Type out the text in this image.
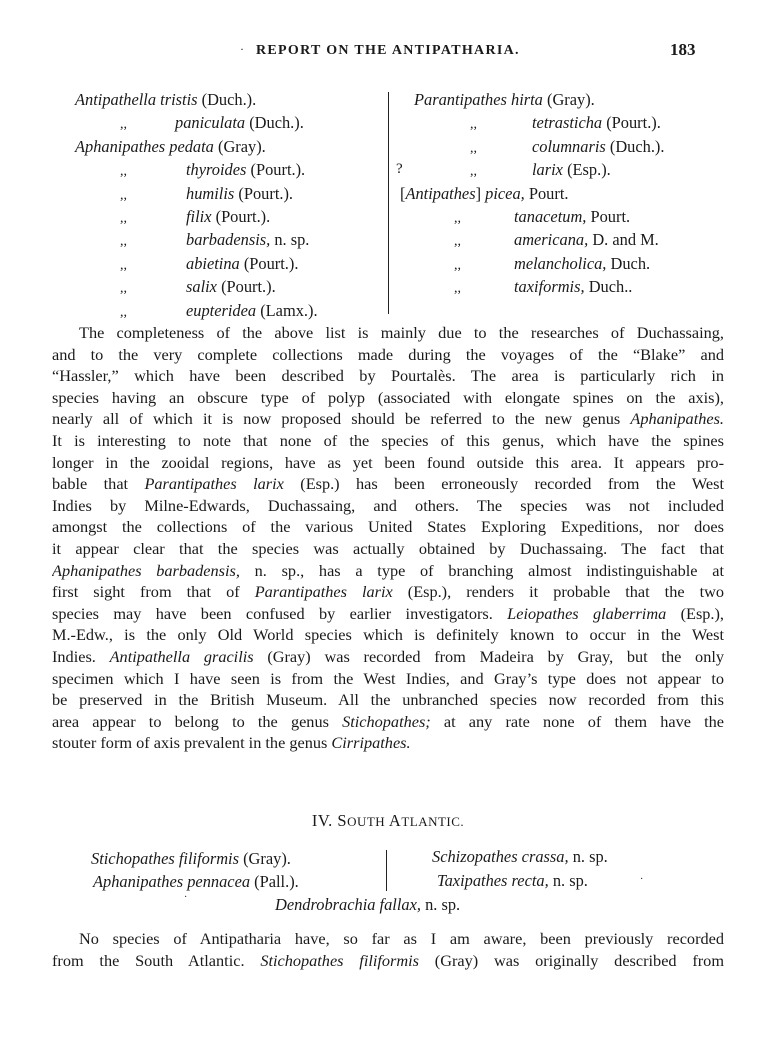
· REPORT ON THE ANTIPATHARIA.	183
Antipathella tristis (Duch.).
,,	paniculata (Duch.).
Aphanipathes pedata (Gray).
,,	thyroides (Pourt.).
,,	humilis (Pourt.).
,,	filix (Pourt.).
,,	barbadensis, n. sp.
,,	abietina (Pourt.).
,,	salix (Pourt.).
,,	eupteridea (Lamx.).
Parantipathes hirta (Gray).
,,	tetrasticha (Pourt.).
,,	columnaris (Duch.).
?	,,	larix (Esp.).
[Antipathes] picea, Pourt.
,,	tanacetum, Pourt.
,,	americana, D. and M.
,,	melancholica, Duch.
,,	taxiformis, Duch..
The completeness of the above list is mainly due to the researches of Duchassaing,
and to the very complete collections made during the voyages of the “Blake” and
“Hassler,” which have been described by Pourtalès. The area is particularly rich in
species having an obscure type of polyp (associated with elongate spines on the axis),
nearly all of which it is now proposed should be referred to the new genus Aphanipathes.
It is interesting to note that none of the species of this genus, which have the spines
longer in the zooidal regions, have as yet been found outside this area. It appears pro-
bable that Parantipathes larix (Esp.) has been erroneously recorded from the West
Indies by Milne-Edwards, Duchassaing, and others. The species was not included
amongst the collections of the various United States Exploring Expeditions, nor does
it appear clear that the species was actually obtained by Duchassaing. The fact that
Aphanipathes barbadensis, n. sp., has a type of branching almost indistinguishable at
first sight from that of Parantipathes larix (Esp.), renders it probable that the two
species may have been confused by earlier investigators. Leiopathes glaberrima (Esp.),
M.-Edw., is the only Old World species which is definitely known to occur in the West
Indies. Antipathella gracilis (Gray) was recorded from Madeira by Gray, but the only
specimen which I have seen is from the West Indies, and Gray’s type does not appear to
be preserved in the British Museum. All the unbranched species now recorded from this
area appear to belong to the genus Stichopathes; at any rate none of them have the
stouter form of axis prevalent in the genus Cirripathes.
IV. SOUTH ATLANTIC.
Stichopathes filiformis (Gray).	Schizopathes crassa, n. sp.
Aphanipathes pennacea (Pall.).	Taxipathes recta, n. sp.	·
·	Dendrobrachia fallax, n. sp.
No species of Antipatharia have, so far as I am aware, been previously recorded
from the South Atlantic. Stichopathes filiformis (Gray) was originally described from
